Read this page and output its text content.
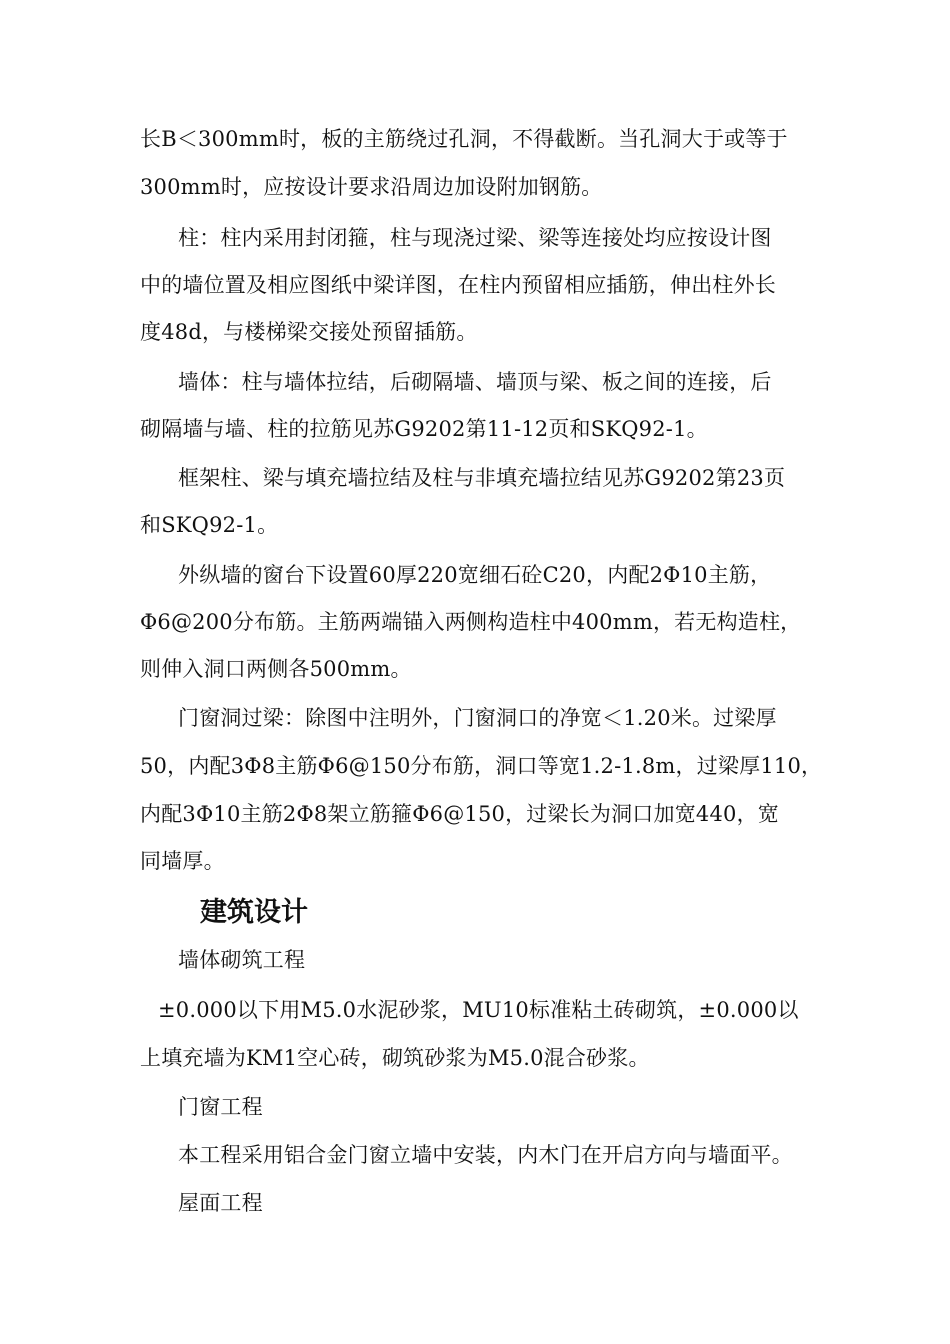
长B＜300mm时，板的主筋绕过孔洞，不得截断。当孔洞大于或等于
300mm时，应按设计要求沿周边加设附加钢筋。
柱：柱内采用封闭箍，柱与现浇过梁、梁等连接处均应按设计图
中的墙位置及相应图纸中梁详图，在柱内预留相应插筋，伸出柱外长
度48d，与楼梯梁交接处预留插筋。
墙体：柱与墙体拉结，后砌隔墙、墙顶与梁、板之间的连接，后
砌隔墙与墙、柱的拉筋见苏G9202第11-12页和SKQ92-1。
框架柱、梁与填充墙拉结及柱与非填充墙拉结见苏G9202第23页
和SKQ92-1。
外纵墙的窗台下设置60厚220宽细石砼C20，内配2Φ10主筋，
Φ6@200分布筋。主筋两端锚入两侧构造柱中400mm，若无构造柱，
则伸入洞口两侧各500mm。
门窗洞过梁：除图中注明外，门窗洞口的净宽＜1.20米。过梁厚
50，内配3Φ8主筋Φ6@150分布筋，洞口等宽1.2-1.8m，过梁厚110，
内配3Φ10主筋2Φ8架立筋箍Φ6@150，过梁长为洞口加宽440，宽
同墙厚。
建筑设计
墙体砌筑工程
±0.000以下用M5.0水泥砂浆，MU10标准粘土砖砌筑，±0.000以
上填充墙为KM1空心砖，砌筑砂浆为M5.0混合砂浆。
门窗工程
本工程采用铝合金门窗立墙中安装，内木门在开启方向与墙面平。
屋面工程
